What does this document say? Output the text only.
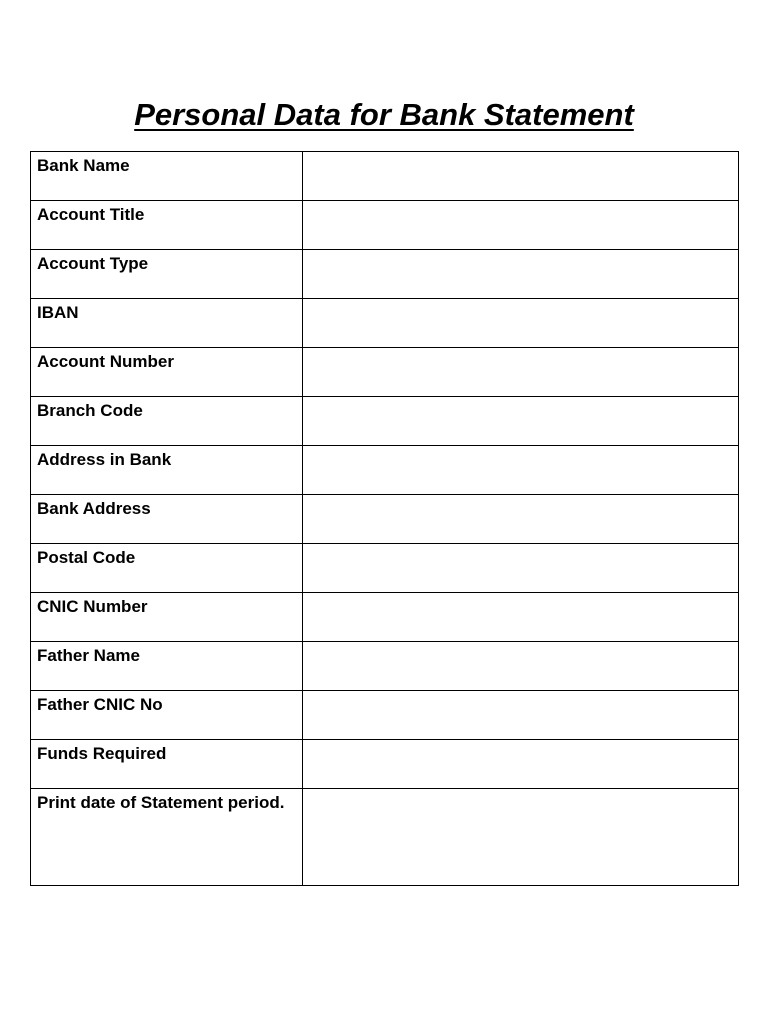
Personal Data for Bank Statement
Bank Name	
Account Title	
Account Type	
IBAN	
Account Number	
Branch Code	
Address in Bank	
Bank Address	
Postal Code	
CNIC Number	
Father Name	
Father CNIC No	
Funds Required	
Print date of Statement period.	
